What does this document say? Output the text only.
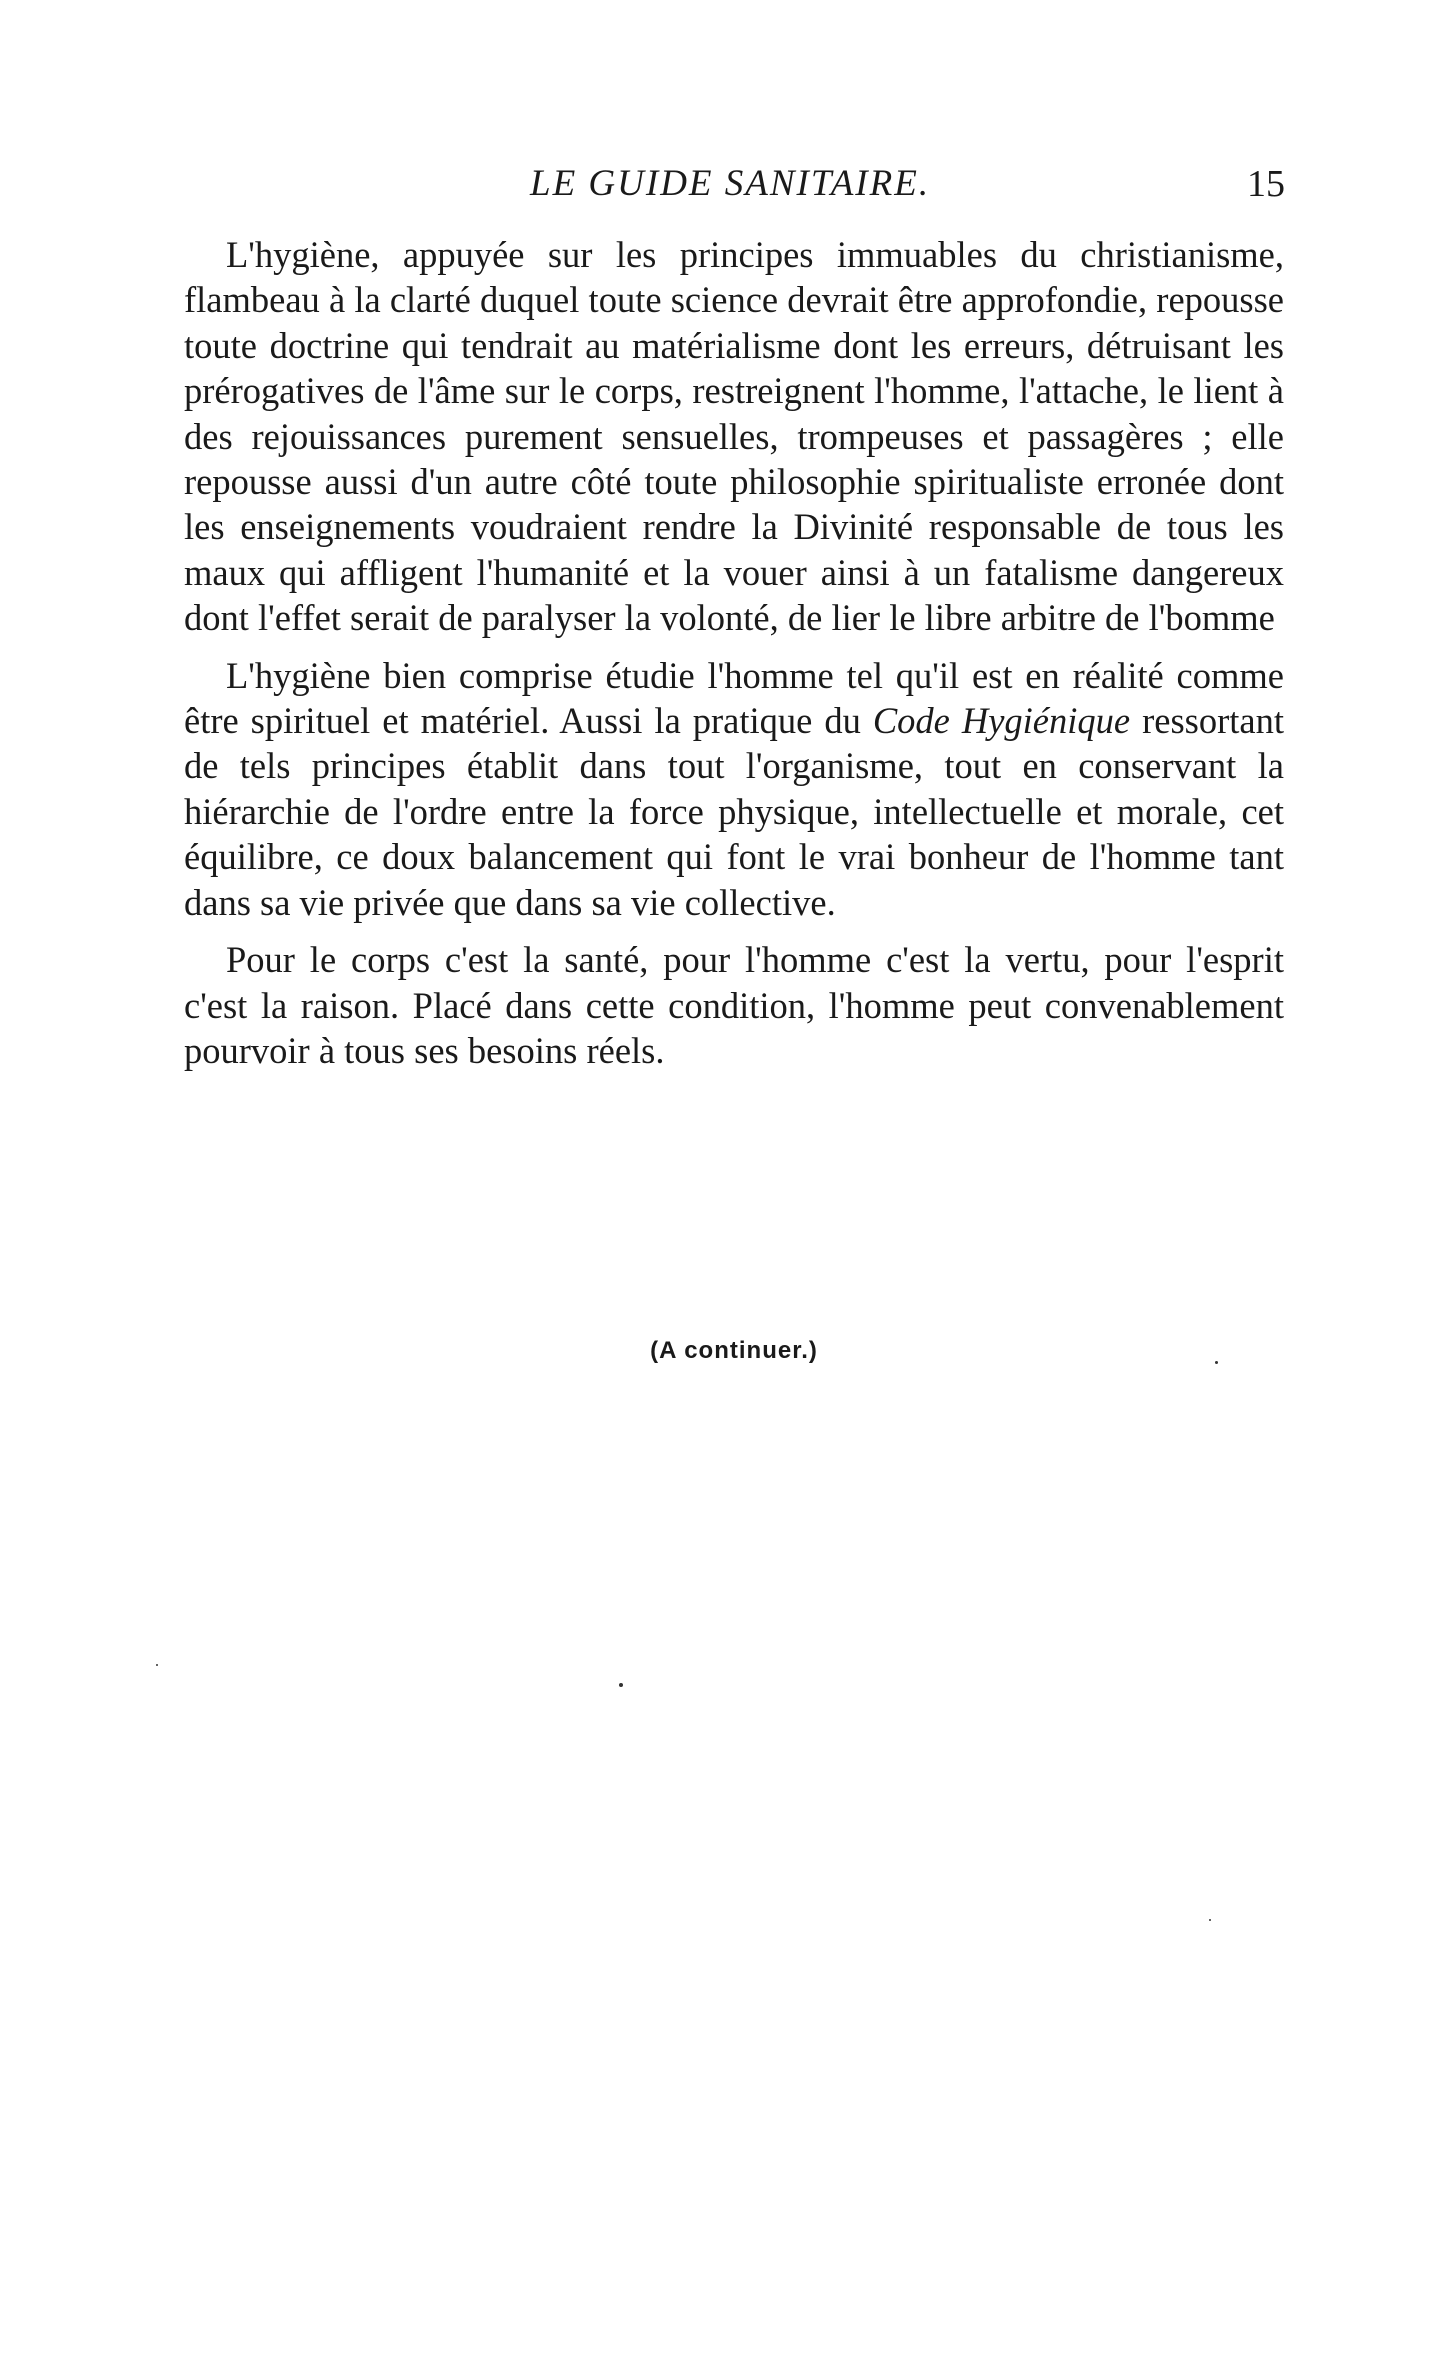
LE GUIDE SANITAIRE.	15

L'hygiène, appuyée sur les principes immuables du christianisme, flambeau à la clarté duquel toute science devrait être approfondie, repousse toute doctrine qui tendrait au matérialisme dont les erreurs, détruisant les prérogatives de l'âme sur le corps, restreignent l'homme, l'attache, le lient à des rejouissances purement sensuelles, trompeuses et passagères ; elle repousse aussi d'un autre côté toute philosophie spiritualiste erronée dont les enseignements voudraient rendre la Divinité responsable de tous les maux qui affligent l'humanité et la vouer ainsi à un fatalisme dangereux dont l'effet serait de paralyser la volonté, de lier le libre arbitre de l'bomme

L'hygiène bien comprise étudie l'homme tel qu'il est en réalité comme être spirituel et matériel. Aussi la pratique du Code Hygiénique ressortant de tels principes établit dans tout l'organisme, tout en conservant la hiérarchie de l'ordre entre la force physique, intellectuelle et morale, cet équilibre, ce doux balancement qui font le vrai bonheur de l'homme tant dans sa vie privée que dans sa vie collective.

Pour le corps c'est la santé, pour l'homme c'est la vertu, pour l'esprit c'est la raison. Placé dans cette condition, l'homme peut convenablement pourvoir à tous ses besoins réels.

(A continuer.)
